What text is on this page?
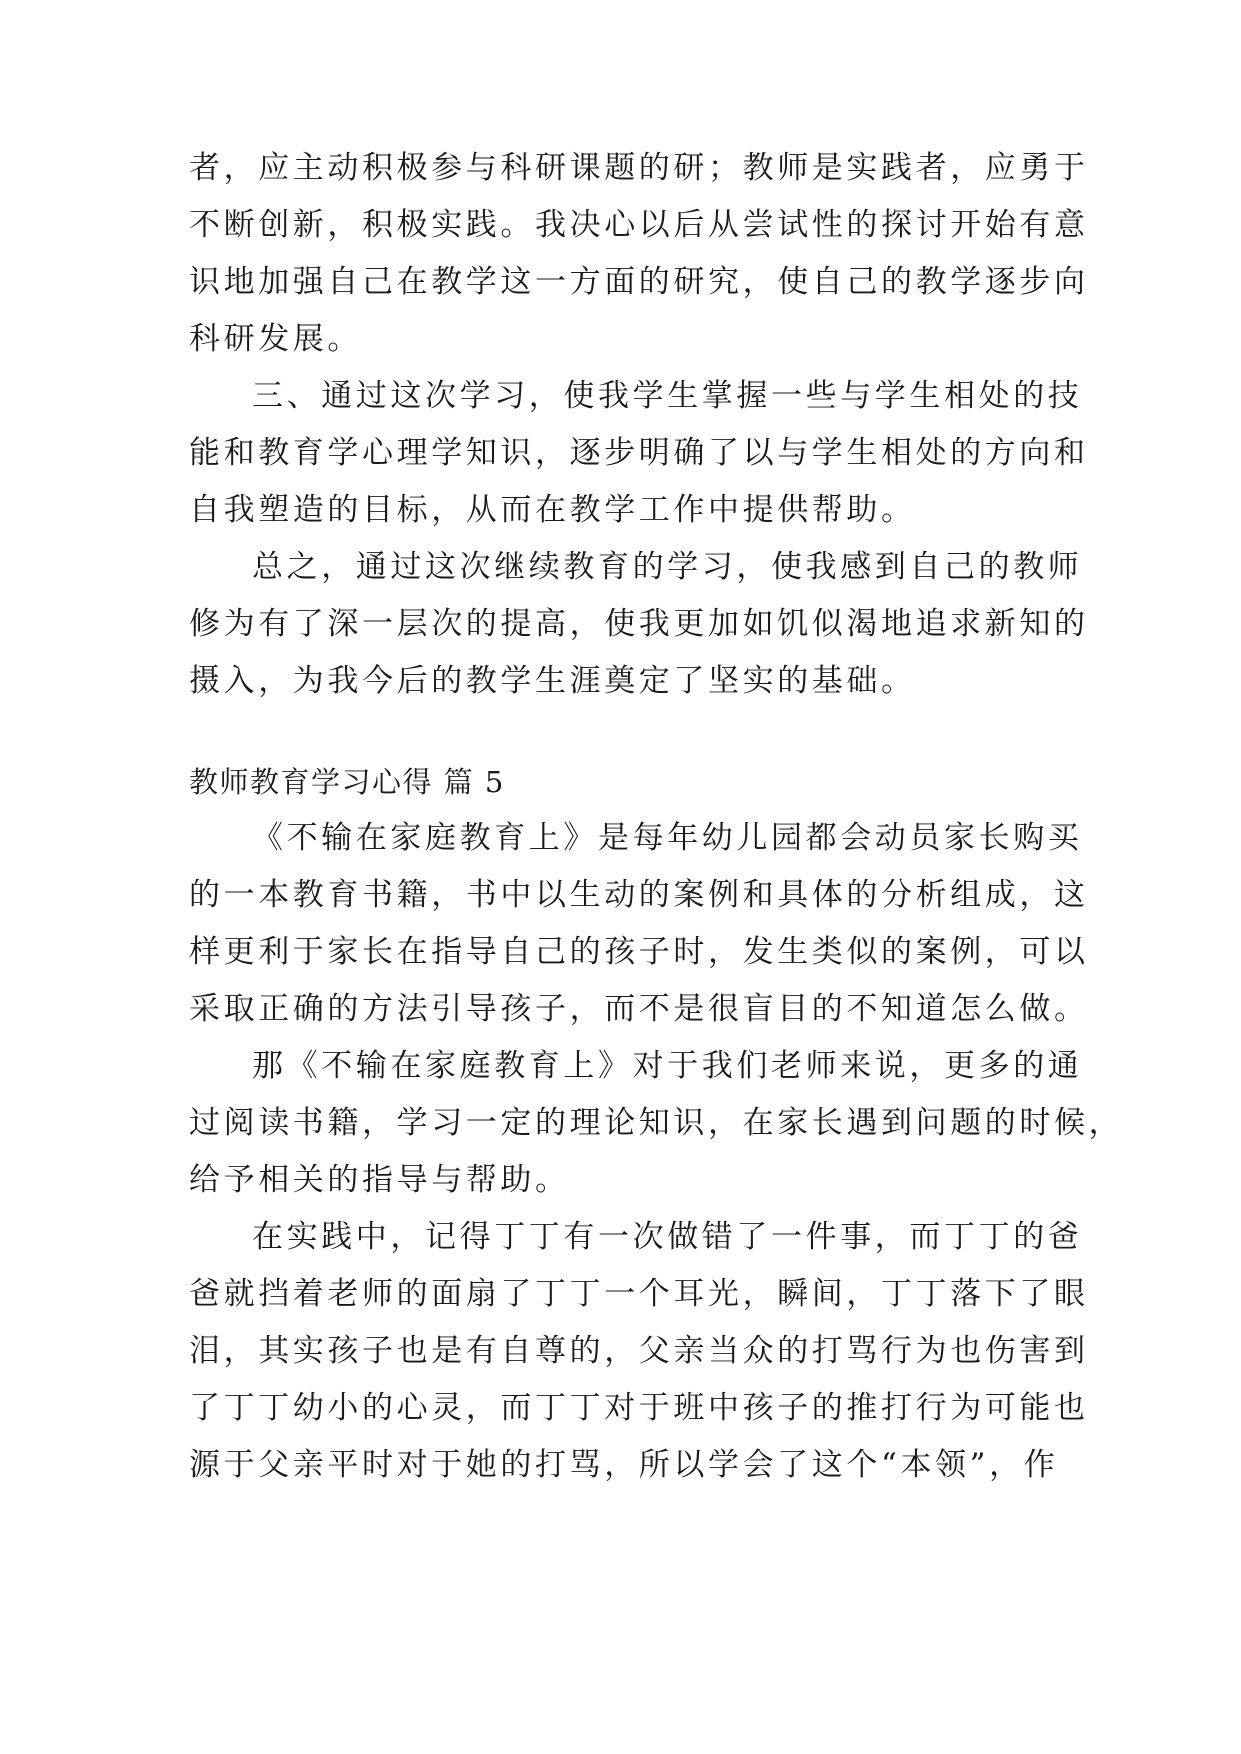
者，应主动积极参与科研课题的研；教师是实践者，应勇于
不断创新，积极实践。我决心以后从尝试性的探讨开始有意
识地加强自己在教学这一方面的研究，使自己的教学逐步向
科研发展。
三、通过这次学习，使我学生掌握一些与学生相处的技
能和教育学心理学知识，逐步明确了以与学生相处的方向和
自我塑造的目标，从而在教学工作中提供帮助。
总之，通过这次继续教育的学习，使我感到自己的教师
修为有了深一层次的提高，使我更加如饥似渴地追求新知的
摄入，为我今后的教学生涯奠定了坚实的基础。
教师教育学习心得 篇 5
《不输在家庭教育上》是每年幼儿园都会动员家长购买
的一本教育书籍，书中以生动的案例和具体的分析组成，这
样更利于家长在指导自己的孩子时，发生类似的案例，可以
采取正确的方法引导孩子，而不是很盲目的不知道怎么做。
那《不输在家庭教育上》对于我们老师来说，更多的通
过阅读书籍，学习一定的理论知识，在家长遇到问题的时候，
给予相关的指导与帮助。
在实践中，记得丁丁有一次做错了一件事，而丁丁的爸
爸就挡着老师的面扇了丁丁一个耳光，瞬间，丁丁落下了眼
泪，其实孩子也是有自尊的，父亲当众的打骂行为也伤害到
了丁丁幼小的心灵，而丁丁对于班中孩子的推打行为可能也
源于父亲平时对于她的打骂，所以学会了这个“本领”，作
